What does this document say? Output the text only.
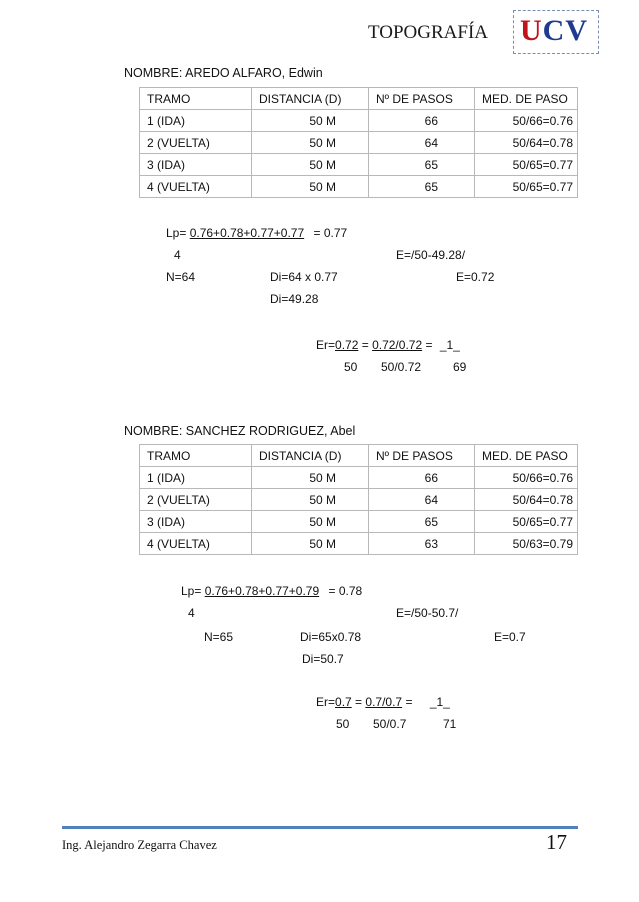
TOPOGRAFÍA UCV
NOMBRE: AREDO ALFARO, Edwin
TRAMO	DISTANCIA (D)	Nº DE PASOS	MED. DE PASO
1 (IDA)	50 M	66	50/66=0.76
2 (VUELTA)	50 M	64	50/64=0.78
3 (IDA)	50 M	65	50/65=0.77
4 (VUELTA)	50 M	65	50/65=0.77
Lp= 0.76+0.78+0.77+0.77 = 0.77
4	E=/50-49.28/
N=64	Di=64 x 0.77	E=0.72
Di=49.28
Er=0.72 = 0.72/0.72 = _1_
50 50/0.72	69
NOMBRE: SANCHEZ RODRIGUEZ, Abel
TRAMO	DISTANCIA (D)	Nº DE PASOS	MED. DE PASO
1 (IDA)	50 M	66	50/66=0.76
2 (VUELTA)	50 M	64	50/64=0.78
3 (IDA)	50 M	65	50/65=0.77
4 (VUELTA)	50 M	63	50/63=0.79
Lp= 0.76+0.78+0.77+0.79 = 0.78
4	E=/50-50.7/
N=65	Di=65x0.78	E=0.7
Di=50.7
Er=0.7 = 0.7/0.7 = _1_
50 50/0.7	71
Ing. Alejandro Zegarra Chavez	17
